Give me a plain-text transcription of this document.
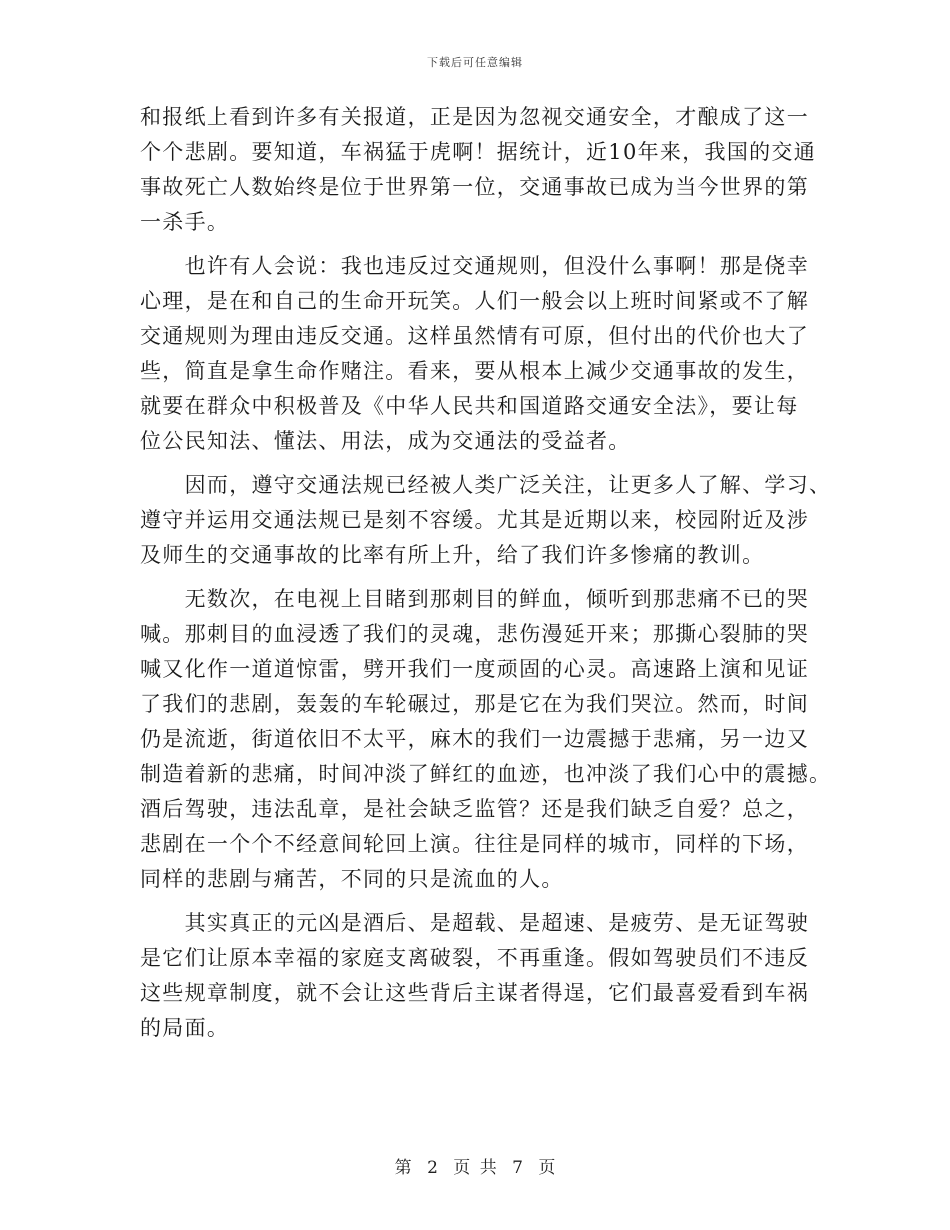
下载后可任意编辑
和报纸上看到许多有关报道，正是因为忽视交通安全，才酿成了这一
个个悲剧。要知道，车祸猛于虎啊！据统计，近10年来，我国的交通
事故死亡人数始终是位于世界第一位，交通事故已成为当今世界的第
一杀手。
　　也许有人会说：我也违反过交通规则，但没什么事啊！那是侥幸
心理，是在和自己的生命开玩笑。人们一般会以上班时间紧或不了解
交通规则为理由违反交通。这样虽然情有可原，但付出的代价也大了
些，简直是拿生命作赌注。看来，要从根本上减少交通事故的发生，
就要在群众中积极普及《中华人民共和国道路交通安全法》，要让每
位公民知法、懂法、用法，成为交通法的受益者。
　　因而，遵守交通法规已经被人类广泛关注，让更多人了解、学习、
遵守并运用交通法规已是刻不容缓。尤其是近期以来，校园附近及涉
及师生的交通事故的比率有所上升，给了我们许多惨痛的教训。
　　无数次，在电视上目睹到那刺目的鲜血，倾听到那悲痛不已的哭
喊。那刺目的血浸透了我们的灵魂，悲伤漫延开来；那撕心裂肺的哭
喊又化作一道道惊雷，劈开我们一度顽固的心灵。高速路上演和见证
了我们的悲剧，轰轰的车轮碾过，那是它在为我们哭泣。然而，时间
仍是流逝，街道依旧不太平，麻木的我们一边震撼于悲痛，另一边又
制造着新的悲痛，时间冲淡了鲜红的血迹，也冲淡了我们心中的震撼。
酒后驾驶，违法乱章，是社会缺乏监管？还是我们缺乏自爱？总之，
悲剧在一个个不经意间轮回上演。往往是同样的城市，同样的下场，
同样的悲剧与痛苦，不同的只是流血的人。
　　其实真正的元凶是酒后、是超载、是超速、是疲劳、是无证驾驶
是它们让原本幸福的家庭支离破裂，不再重逢。假如驾驶员们不违反
这些规章制度，就不会让这些背后主谋者得逞，它们最喜爱看到车祸
的局面。
第 2 页 共 7 页
